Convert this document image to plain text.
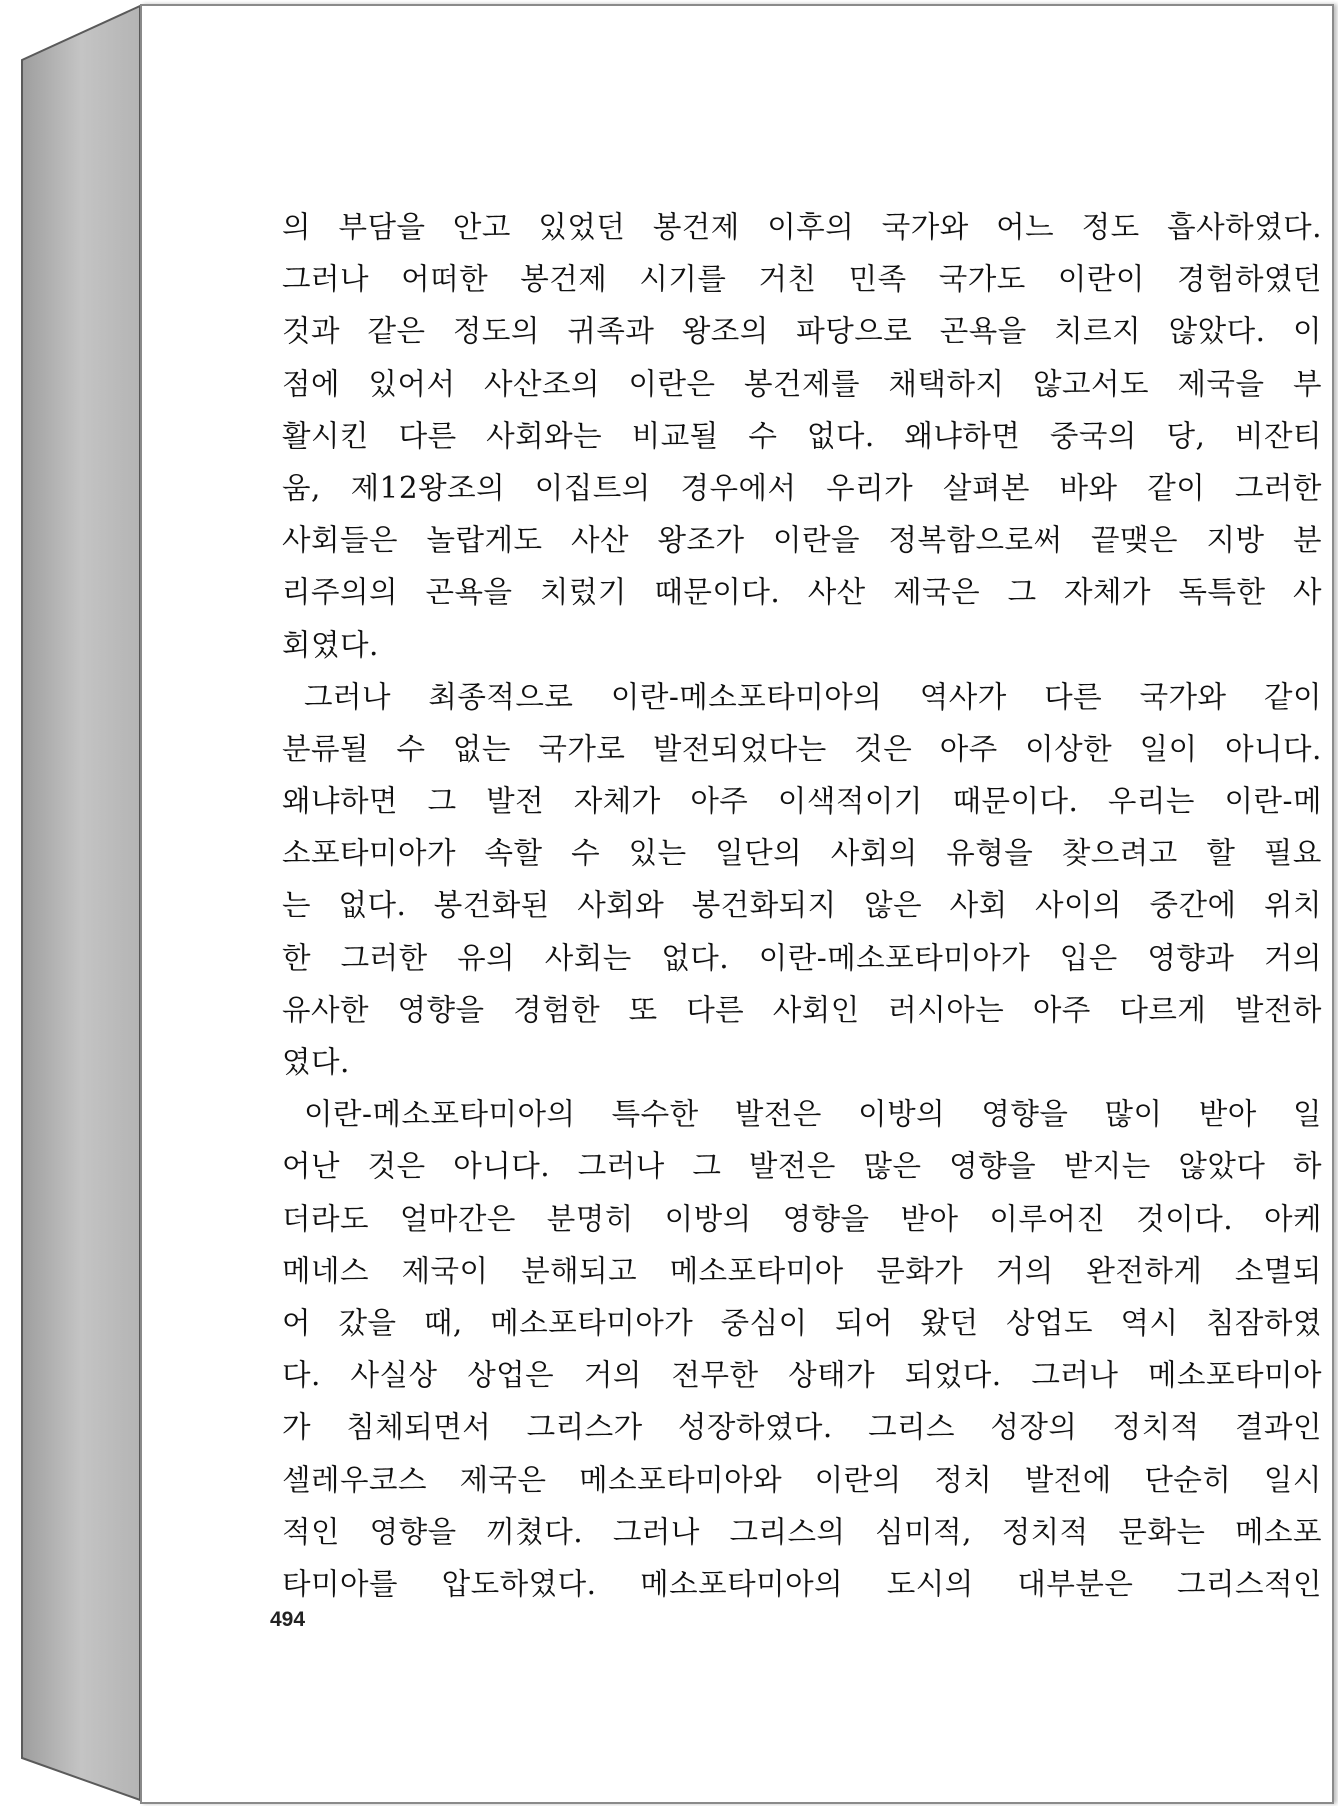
의 부담을 안고 있었던 봉건제 이후의 국가와 어느 정도 흡사하였다.
그러나 어떠한 봉건제 시기를 거친 민족 국가도 이란이 경험하였던
것과 같은 정도의 귀족과 왕조의 파당으로 곤욕을 치르지 않았다. 이
점에 있어서 사산조의 이란은 봉건제를 채택하지 않고서도 제국을 부
활시킨 다른 사회와는 비교될 수 없다. 왜냐하면 중국의 당, 비잔티
움, 제12왕조의 이집트의 경우에서 우리가 살펴본 바와 같이 그러한
사회들은 놀랍게도 사산 왕조가 이란을 정복함으로써 끝맺은 지방 분
리주의의 곤욕을 치렀기 때문이다. 사산 제국은 그 자체가 독특한 사
회였다.
그러나 최종적으로 이란-메소포타미아의 역사가 다른 국가와 같이
분류될 수 없는 국가로 발전되었다는 것은 아주 이상한 일이 아니다.
왜냐하면 그 발전 자체가 아주 이색적이기 때문이다. 우리는 이란-메
소포타미아가 속할 수 있는 일단의 사회의 유형을 찾으려고 할 필요
는 없다. 봉건화된 사회와 봉건화되지 않은 사회 사이의 중간에 위치
한 그러한 유의 사회는 없다. 이란-메소포타미아가 입은 영향과 거의
유사한 영향을 경험한 또 다른 사회인 러시아는 아주 다르게 발전하
였다.
이란-메소포타미아의 특수한 발전은 이방의 영향을 많이 받아 일
어난 것은 아니다. 그러나 그 발전은 많은 영향을 받지는 않았다 하
더라도 얼마간은 분명히 이방의 영향을 받아 이루어진 것이다. 아케
메네스 제국이 분해되고 메소포타미아 문화가 거의 완전하게 소멸되
어 갔을 때, 메소포타미아가 중심이 되어 왔던 상업도 역시 침잠하였
다. 사실상 상업은 거의 전무한 상태가 되었다. 그러나 메소포타미아
가 침체되면서 그리스가 성장하였다. 그리스 성장의 정치적 결과인
셀레우코스 제국은 메소포타미아와 이란의 정치 발전에 단순히 일시
적인 영향을 끼쳤다. 그러나 그리스의 심미적, 정치적 문화는 메소포
타미아를 압도하였다. 메소포타미아의 도시의 대부분은 그리스적인
494
